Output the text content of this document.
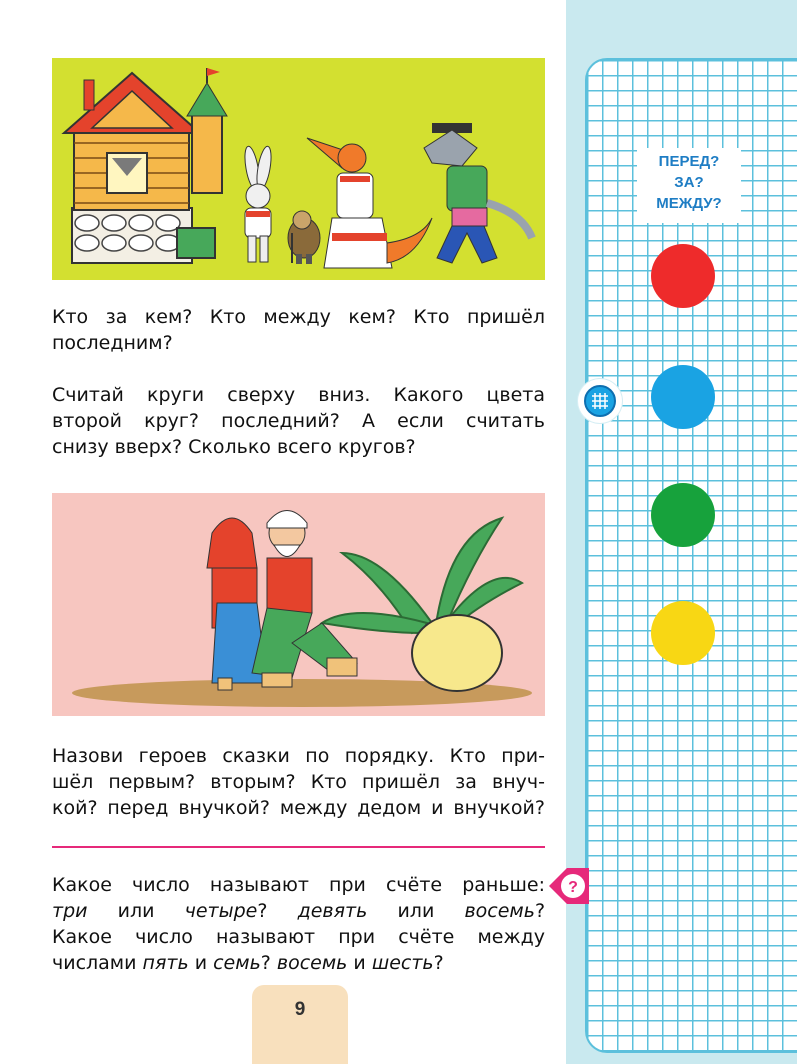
Кто за кем? Кто между кем? Кто пришёл
последним?
Считай круги сверху вниз. Какого цвета
второй круг? последний? А если считать
снизу вверх? Сколько всего кругов?
Назови героев сказки по порядку. Кто при-
шёл первым? вторым? Кто пришёл за внуч-
кой? перед внучкой? между дедом и внучкой?
Какое число называют при счёте раньше:
три или четыре? девять или восемь?
Какое число называют при счёте между
числами пять и семь? восемь и шесть?
9
ПЕРЕД?
ЗА?
МЕЖДУ?
?
